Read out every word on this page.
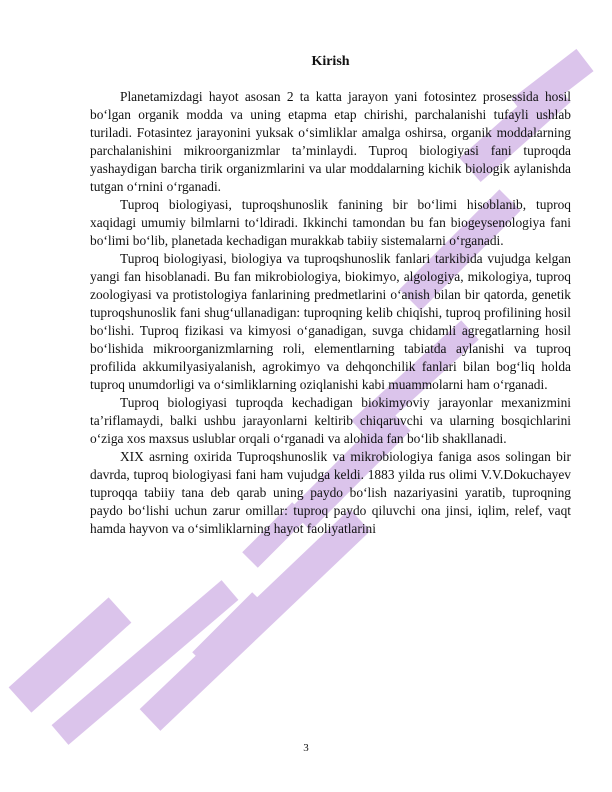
Kirish

Planetamizdagi hayot asosan 2 ta katta jarayon yani fotosintez prosessida hosil boʻlgan organik modda va uning etapma etap chirishi, parchalanishi tufayli ushlab turiladi. Fotasintez jarayonini yuksak oʻsimliklar amalga oshirsa, organik moddalarning parchalanishini mikroorganizmlar taʼminlaydi. Tuproq biologiyasi fani tuproqda yashaydigan barcha tirik organizmlarini va ular moddalarning kichik biologik aylanishda tutgan oʻrnini oʻrganadi.

Tuproq biologiyasi, tuproqshunoslik fanining bir boʻlimi hisoblanib, tuproq xaqidagi umumiy bilmlarni toʻldiradi. Ikkinchi tamondan bu fan biogeysenologiya fani boʻlimi boʻlib, planetada kechadigan murakkab tabiiy sistemalarni oʻrganadi.

Tuproq biologiyasi, biologiya va tuproqshunoslik fanlari tarkibida vujudga kelgan yangi fan hisoblanadi. Bu fan mikrobiologiya, biokimyo, algologiya, mikologiya, tuproq zoologiyasi va protistologiya fanlarining predmetlarini oʻanish bilan bir qatorda, genetik tuproqshunoslik fani shugʻullanadigan: tuproqning kelib chiqishi, tuproq profilining hosil boʻlishi. Tuproq fizikasi va kimyosi oʻganadigan, suvga chidamli agregatlarning hosil boʻlishida mikroorganizmlarning roli, elementlarning tabiatda aylanishi va tuproq profilida akkumilyasiyalanish, agrokimyo va dehqonchilik fanlari bilan bogʻliq holda tuproq unumdorligi va oʻsimliklarning oziqlanishi kabi muammolarni ham oʻrganadi.

Tuproq biologiyasi tuproqda kechadigan biokimyoviy jarayonlar mexanizmini taʼriflamaydi, balki ushbu jarayonlarni keltirib chiqaruvchi va ularning bosqichlarini oʻziga xos maxsus uslublar orqali oʻrganadi va alohida fan boʻlib shakllanadi.

XIX asrning oxirida Tuproqshunoslik va mikrobiologiya faniga asos solingan bir davrda, tuproq biologiyasi fani ham vujudga keldi. 1883 yilda rus olimi V.V.Dokuchayev tuproqqa tabiiy tana deb qarab uning paydo boʻlish nazariyasini yaratib, tuproqning paydo boʻlishi uchun zarur omillar: tuproq paydo qiluvchi ona jinsi, iqlim, relef, vaqt hamda hayvon va oʻsimliklarning hayot faoliyatlarini

3
